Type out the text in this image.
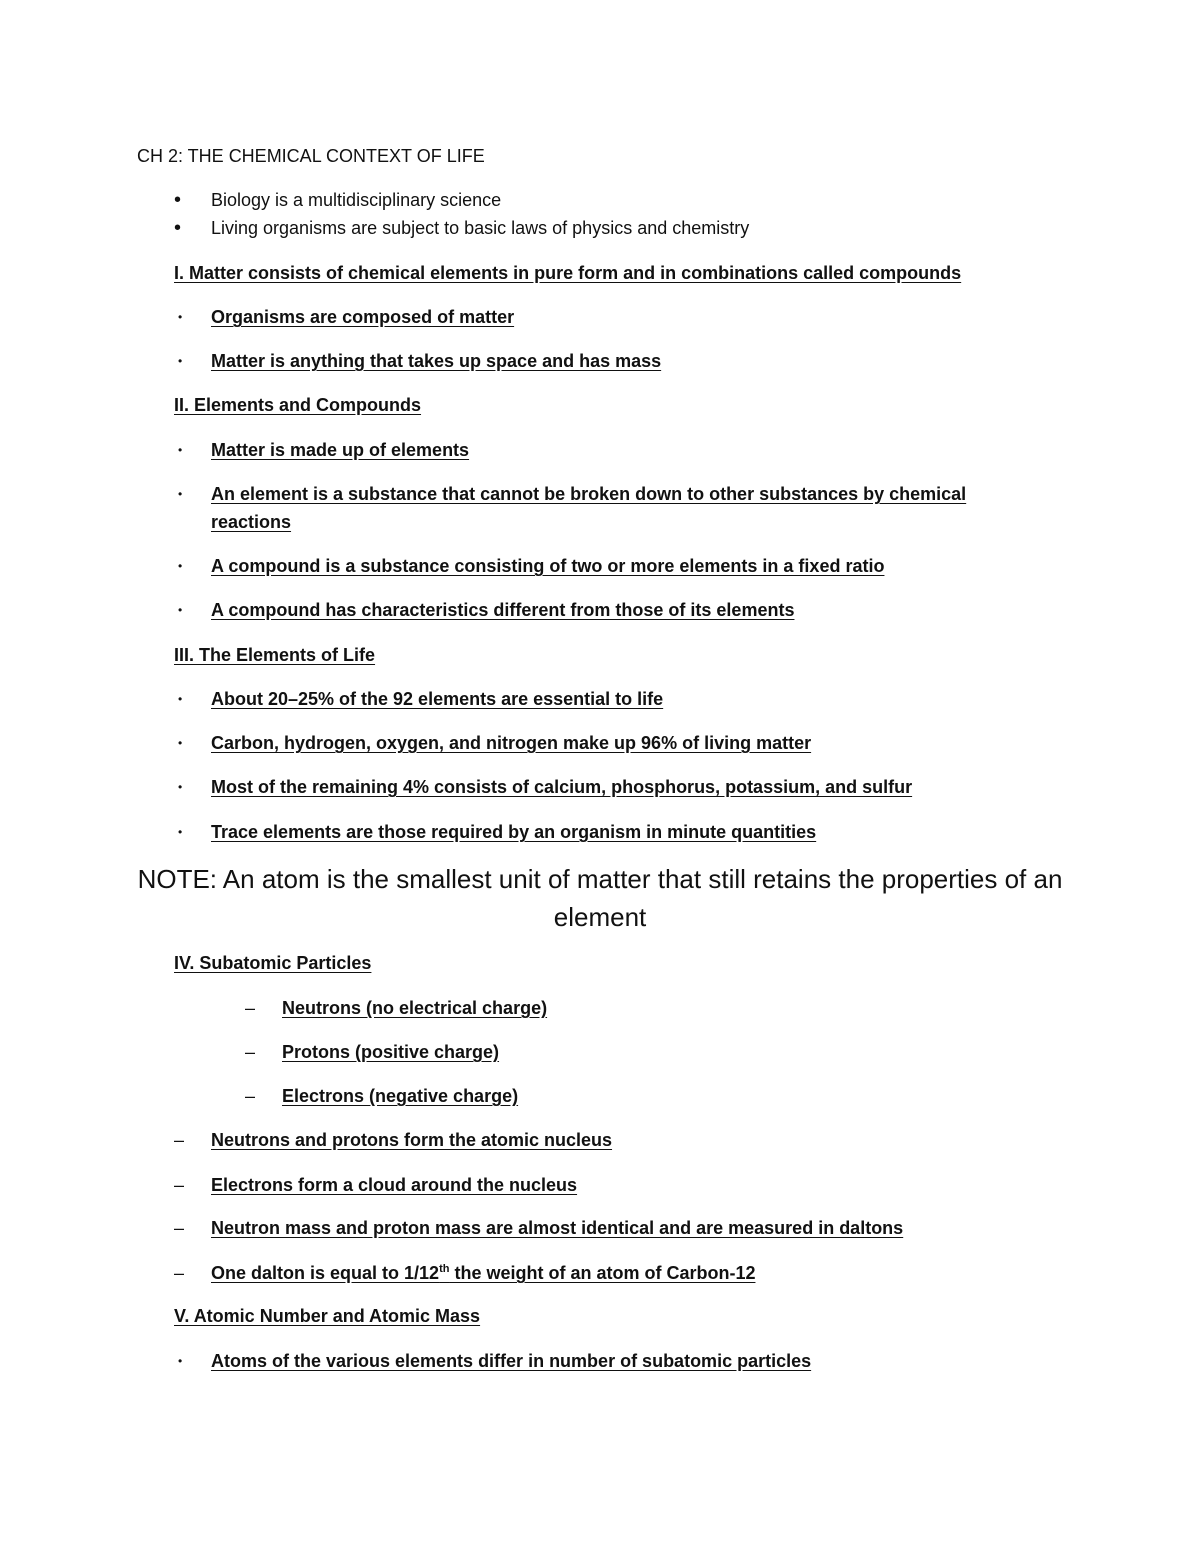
CH 2: THE CHEMICAL CONTEXT OF LIFE
• Biology is a multidisciplinary science
• Living organisms are subject to basic laws of physics and chemistry
I. Matter consists of chemical elements in pure form and in combinations called compounds
• Organisms are composed of matter
• Matter is anything that takes up space and has mass
II. Elements and Compounds
• Matter is made up of elements
• An element is a substance that cannot be broken down to other substances by chemical
reactions
• A compound is a substance consisting of two or more elements in a fixed ratio
• A compound has characteristics different from those of its elements
III. The Elements of Life
• About 20–25% of the 92 elements are essential to life
• Carbon, hydrogen, oxygen, and nitrogen make up 96% of living matter
• Most of the remaining 4% consists of calcium, phosphorus, potassium, and sulfur
• Trace elements are those required by an organism in minute quantities
NOTE: An atom is the smallest unit of matter that still retains the properties of an element
IV. Subatomic Particles
– Neutrons (no electrical charge)
– Protons (positive charge)
– Electrons (negative charge)
– Neutrons and protons form the atomic nucleus
– Electrons form a cloud around the nucleus
– Neutron mass and proton mass are almost identical and are measured in daltons
– One dalton is equal to 1/12th the weight of an atom of Carbon-12
V. Atomic Number and Atomic Mass
• Atoms of the various elements differ in number of subatomic particles
